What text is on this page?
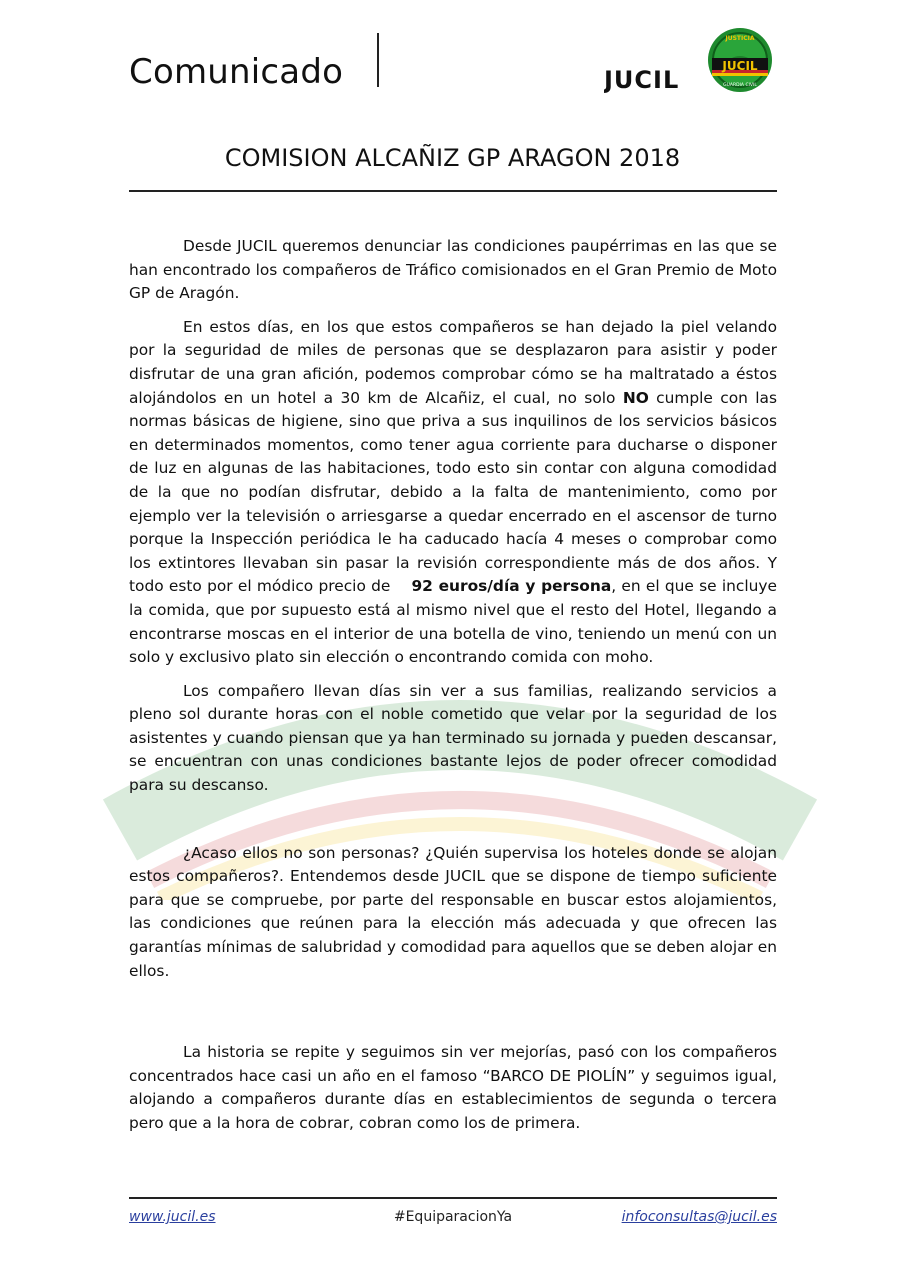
Comunicado	JUCIL	JUCIL
JUSTICIA
GUARDIA CIVIL
COMISION ALCAÑIZ GP ARAGON 2018

Desde JUCIL queremos denunciar las condiciones paupérrimas en las que se han encontrado los compañeros de Tráfico comisionados en el Gran Premio de Moto GP de Aragón.

En estos días, en los que estos compañeros se han dejado la piel velando por la seguridad de miles de personas que se desplazaron para asistir y poder disfrutar de una gran afición, podemos comprobar cómo se ha maltratado a éstos alojándolos en un hotel a 30 km de Alcañiz, el cual, no solo NO cumple con las normas básicas de higiene, sino que priva a sus inquilinos de los servicios básicos en determinados momentos, como tener agua corriente para ducharse o disponer de luz en algunas de las habitaciones, todo esto sin contar con alguna comodidad de la que no podían disfrutar, debido a la falta de mantenimiento, como por ejemplo ver la televisión o arriesgarse a quedar encerrado en el ascensor de turno porque la Inspección periódica le ha caducado hacía 4 meses o comprobar como los extintores llevaban sin pasar la revisión correspondiente más de dos años. Y todo esto por el módico precio de    92 euros/día y persona, en el que se incluye la comida, que por supuesto está al mismo nivel que el resto del Hotel, llegando a encontrarse moscas en el interior de una botella de vino, teniendo un menú con un solo y exclusivo plato sin elección o encontrando comida con moho.

Los compañero llevan días sin ver a sus familias, realizando servicios a pleno sol durante horas con el noble cometido que velar por la seguridad de los asistentes y cuando piensan que ya han terminado su jornada y pueden descansar, se encuentran con unas condiciones bastante lejos de poder ofrecer comodidad para su descanso.

¿Acaso ellos no son personas? ¿Quién supervisa los hoteles donde se alojan estos compañeros?. Entendemos desde JUCIL que se dispone de tiempo suficiente para que se compruebe, por parte del responsable en buscar estos alojamientos, las condiciones que reúnen para la elección más adecuada y que ofrecen las garantías mínimas de salubridad y comodidad para aquellos que se deben alojar en ellos.

La historia se repite y seguimos sin ver mejorías, pasó con los compañeros concentrados hace casi un año en el famoso “BARCO DE PIOLÍN” y seguimos igual, alojando a compañeros durante días en establecimientos de segunda o tercera pero que a la hora de cobrar, cobran como los de primera.

#EquiparacionYa
www.jucil.es	infoconsultas@jucil.es
